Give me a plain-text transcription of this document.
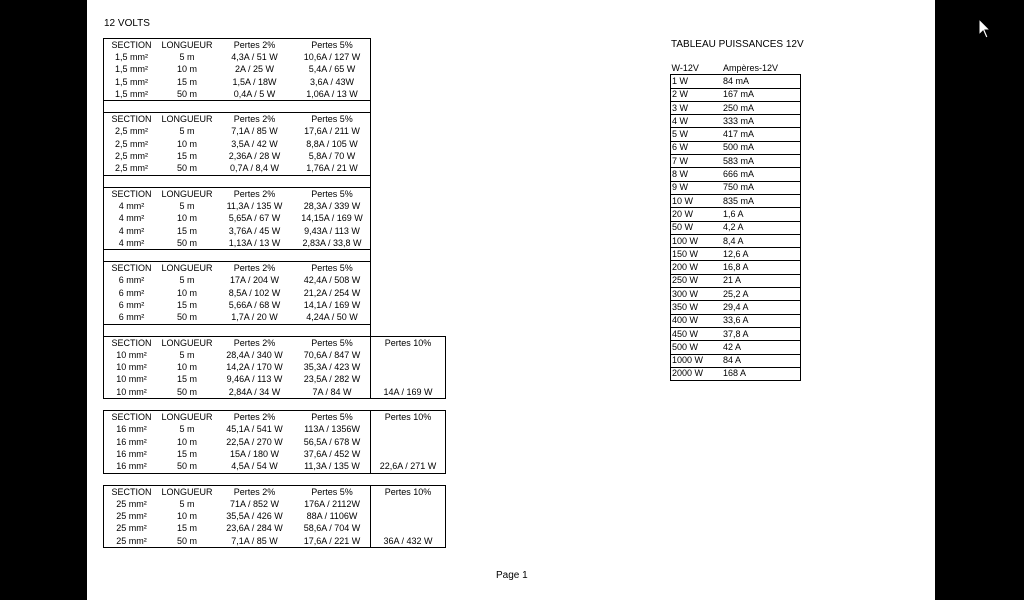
12 VOLTS
SECTION	LONGUEUR	Pertes 2%	Pertes 5%	
1,5 mm²	5 m	4,3A / 51 W	10,6A / 127 W	
1,5 mm²	10 m	2A / 25 W	5,4A / 65 W	
1,5 mm²	15 m	1,5A / 18W	3,6A / 43W	
1,5 mm²	50 m	0,4A / 5 W	1,06A / 13 W	

SECTION	LONGUEUR	Pertes 2%	Pertes 5%	
2,5 mm²	5 m	7,1A / 85 W	17,6A / 211 W	
2,5 mm²	10 m	3,5A / 42 W	8,8A / 105 W	
2,5 mm²	15 m	2,36A / 28 W	5,8A / 70 W	
2,5 mm²	50 m	0,7A / 8,4 W	1,76A / 21 W	

SECTION	LONGUEUR	Pertes 2%	Pertes 5%	
4 mm²	5 m	11,3A / 135 W	28,3A / 339 W	
4 mm²	10 m	5,65A / 67 W	14,15A / 169 W	
4 mm²	15 m	3,76A / 45 W	9,43A / 113 W	
4 mm²	50 m	1,13A / 13 W	2,83A / 33,8 W	

SECTION	LONGUEUR	Pertes 2%	Pertes 5%	
6 mm²	5 m	17A / 204 W	42,4A / 508 W	
6 mm²	10 m	8,5A / 102 W	21,2A / 254 W	
6 mm²	15 m	5,66A / 68 W	14,1A / 169 W	
6 mm²	50 m	1,7A / 20 W	4,24A / 50 W	

SECTION	LONGUEUR	Pertes 2%	Pertes 5%	Pertes 10%
10 mm²	5 m	28,4A / 340 W	70,6A / 847 W	
10 mm²	10 m	14,2A / 170 W	35,3A / 423 W	
10 mm²	15 m	9,46A / 113 W	23,5A / 282 W	
10 mm²	50 m	2,84A / 34 W	7A / 84 W	14A / 169 W

SECTION	LONGUEUR	Pertes 2%	Pertes 5%	Pertes 10%
16 mm²	5 m	45,1A / 541 W	113A / 1356W	
16 mm²	10 m	22,5A / 270 W	56,5A / 678 W	
16 mm²	15 m	15A / 180 W	37,6A / 452 W	
16 mm²	50 m	4,5A / 54 W	11,3A / 135 W	22,6A / 271 W

SECTION	LONGUEUR	Pertes 2%	Pertes 5%	Pertes 10%
25 mm²	5 m	71A / 852 W	176A / 2112W	
25 mm²	10 m	35,5A / 426 W	88A / 1106W	
25 mm²	15 m	23,6A / 284 W	58,6A / 704 W	
25 mm²	50 m	7,1A / 85 W	17,6A / 221 W	36A / 432 W
TABLEAU PUISSANCES 12V
W-12V	Ampères-12V
1 W	84 mA
2 W	167 mA
3 W	250 mA
4 W	333 mA
5 W	417 mA
6 W	500 mA
7 W	583 mA
8 W	666 mA
9 W	750 mA
10 W	835 mA
20 W	1,6 A
50 W	4,2 A
100 W	8,4 A
150 W	12,6 A
200 W	16,8 A
250 W	21 A
300 W	25,2 A
350 W	29,4 A
400 W	33,6 A
450 W	37,8 A
500 W	42 A
1000 W	84 A
2000 W	168 A
Page 1
